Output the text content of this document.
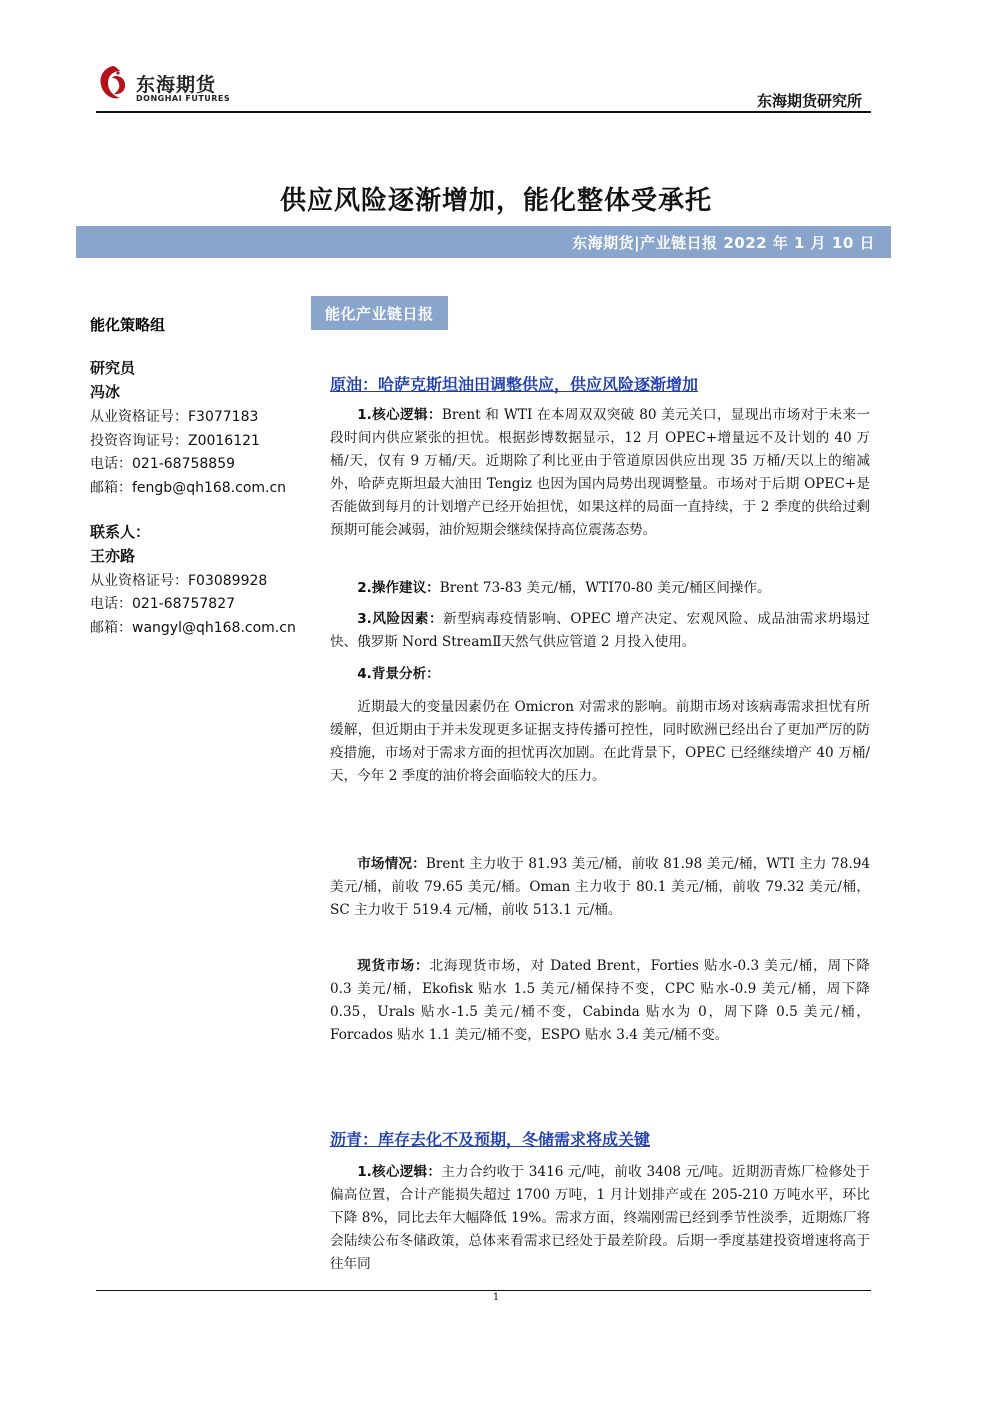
东海期货
DONGHAI FUTURES	东海期货研究所
供应风险逐渐增加，能化整体受承托
东海期货|产业链日报 2022 年 1 月 10 日
能化策略组
研究员
冯冰
从业资格证号：F3077183
投资咨询证号：Z0016121
电话：021-68758859
邮箱：fengb@qh168.com.cn
联系人：
王亦路
从业资格证号：F03089928
电话：021-68757827
邮箱：wangyl@qh168.com.cn
能化产业链日报
原油：哈萨克斯坦油田调整供应，供应风险逐渐增加
1.核心逻辑：Brent 和 WTI 在本周双双突破 80 美元关口，显现出市场对于未来一段时间内供应紧张的担忧。根据彭博数据显示，12 月 OPEC+增量远不及计划的 40 万桶/天，仅有 9 万桶/天。近期除了利比亚由于管道原因供应出现 35 万桶/天以上的缩减外，哈萨克斯坦最大油田 Tengiz 也因为国内局势出现调整量。市场对于后期 OPEC+是否能做到每月的计划增产已经开始担忧，如果这样的局面一直持续，于 2 季度的供给过剩预期可能会减弱，油价短期会继续保持高位震荡态势。
2.操作建议：Brent 73-83 美元/桶，WTI70-80 美元/桶区间操作。
3.风险因素：新型病毒疫情影响、OPEC 增产决定、宏观风险、成品油需求坍塌过快、俄罗斯 Nord StreamⅡ天然气供应管道 2 月投入使用。
4.背景分析：
近期最大的变量因素仍在 Omicron 对需求的影响。前期市场对该病毒需求担忧有所缓解，但近期由于并未发现更多证据支持传播可控性，同时欧洲已经出台了更加严厉的防疫措施，市场对于需求方面的担忧再次加剧。在此背景下，OPEC 已经继续增产 40 万桶/天，今年 2 季度的油价将会面临较大的压力。
市场情况：Brent 主力收于 81.93 美元/桶，前收 81.98 美元/桶，WTI 主力 78.94 美元/桶，前收 79.65 美元/桶。Oman 主力收于 80.1 美元/桶，前收 79.32 美元/桶，SC 主力收于 519.4 元/桶，前收 513.1 元/桶。
现货市场：北海现货市场，对 Dated Brent，Forties 贴水-0.3 美元/桶，周下降 0.3 美元/桶，Ekofisk 贴水 1.5 美元/桶保持不变，CPC 贴水-0.9 美元/桶，周下降 0.35，Urals 贴水-1.5 美元/桶不变，Cabinda 贴水为 0，周下降 0.5 美元/桶， Forcados 贴水 1.1 美元/桶不变，ESPO 贴水 3.4 美元/桶不变。
沥青：库存去化不及预期，冬储需求将成关键
1.核心逻辑：主力合约收于 3416 元/吨，前收 3408 元/吨。近期沥青炼厂检修处于偏高位置，合计产能损失超过 1700 万吨，1 月计划排产或在 205-210 万吨水平，环比下降 8%，同比去年大幅降低 19%。需求方面，终端刚需已经到季节性淡季，近期炼厂将会陆续公布冬储政策，总体来看需求已经处于最差阶段。后期一季度基建投资增速将高于往年同
1
